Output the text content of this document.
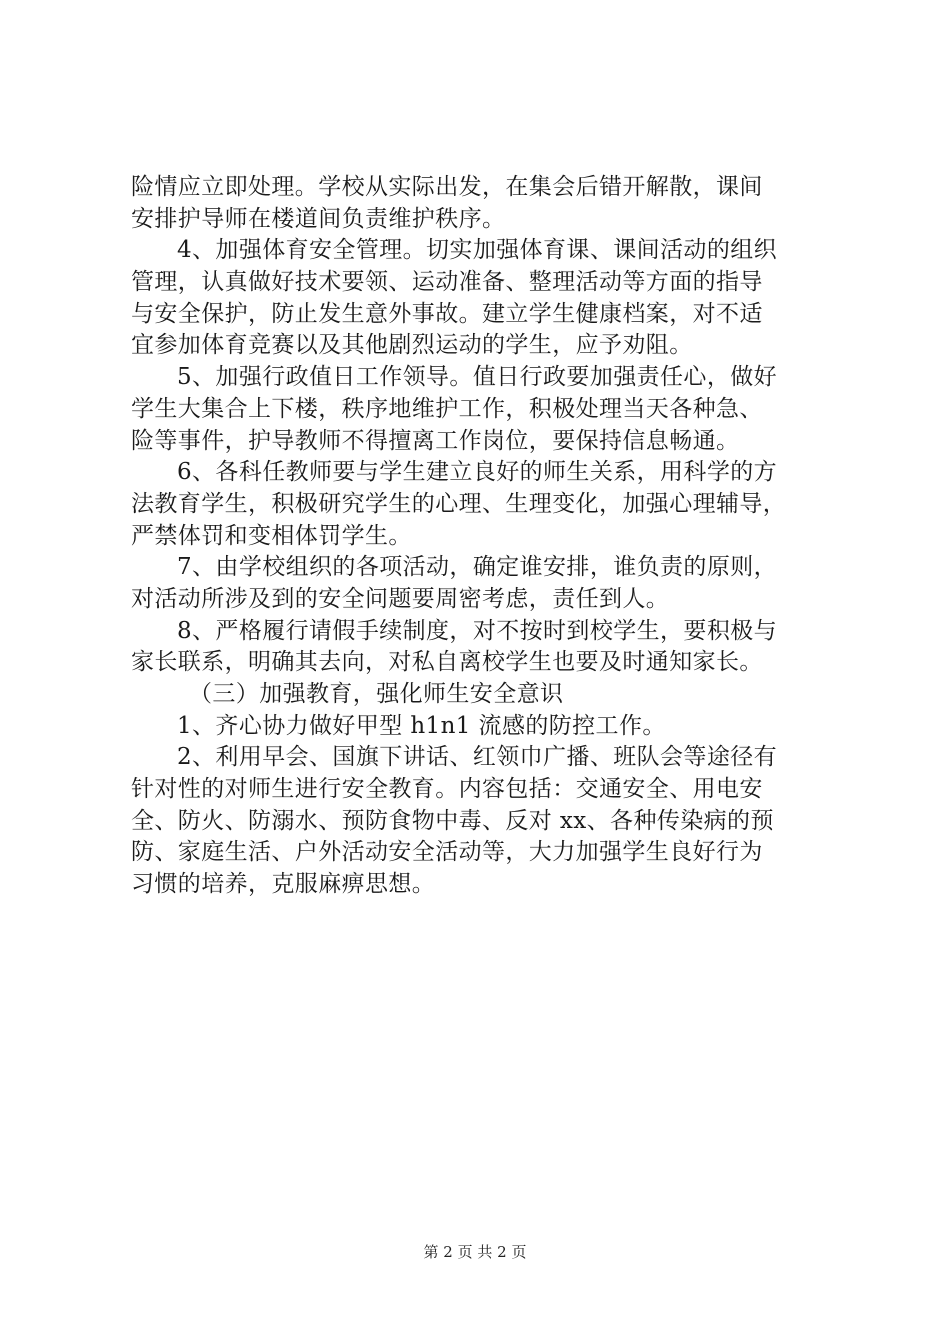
险情应立即处理。学校从实际出发，在集会后错开解散，课间
安排护导师在楼道间负责维护秩序。
4、加强体育安全管理。切实加强体育课、课间活动的组织
管理，认真做好技术要领、运动准备、整理活动等方面的指导
与安全保护，防止发生意外事故。建立学生健康档案，对不适
宜参加体育竞赛以及其他剧烈运动的学生，应予劝阻。
5、加强行政值日工作领导。值日行政要加强责任心，做好
学生大集合上下楼，秩序地维护工作，积极处理当天各种急、
险等事件，护导教师不得擅离工作岗位，要保持信息畅通。
6、各科任教师要与学生建立良好的师生关系，用科学的方
法教育学生，积极研究学生的心理、生理变化，加强心理辅导，
严禁体罚和变相体罚学生。
7、由学校组织的各项活动，确定谁安排，谁负责的原则，
对活动所涉及到的安全问题要周密考虑，责任到人。
8、严格履行请假手续制度，对不按时到校学生，要积极与
家长联系，明确其去向，对私自离校学生也要及时通知家长。
（三）加强教育，强化师生安全意识
1、齐心协力做好甲型 h1n1 流感的防控工作。
2、利用早会、国旗下讲话、红领巾广播、班队会等途径有
针对性的对师生进行安全教育。内容包括：交通安全、用电安
全、防火、防溺水、预防食物中毒、反对 xx、各种传染病的预
防、家庭生活、户外活动安全活动等，大力加强学生良好行为
习惯的培养，克服麻痹思想。
第 2 页 共 2 页
